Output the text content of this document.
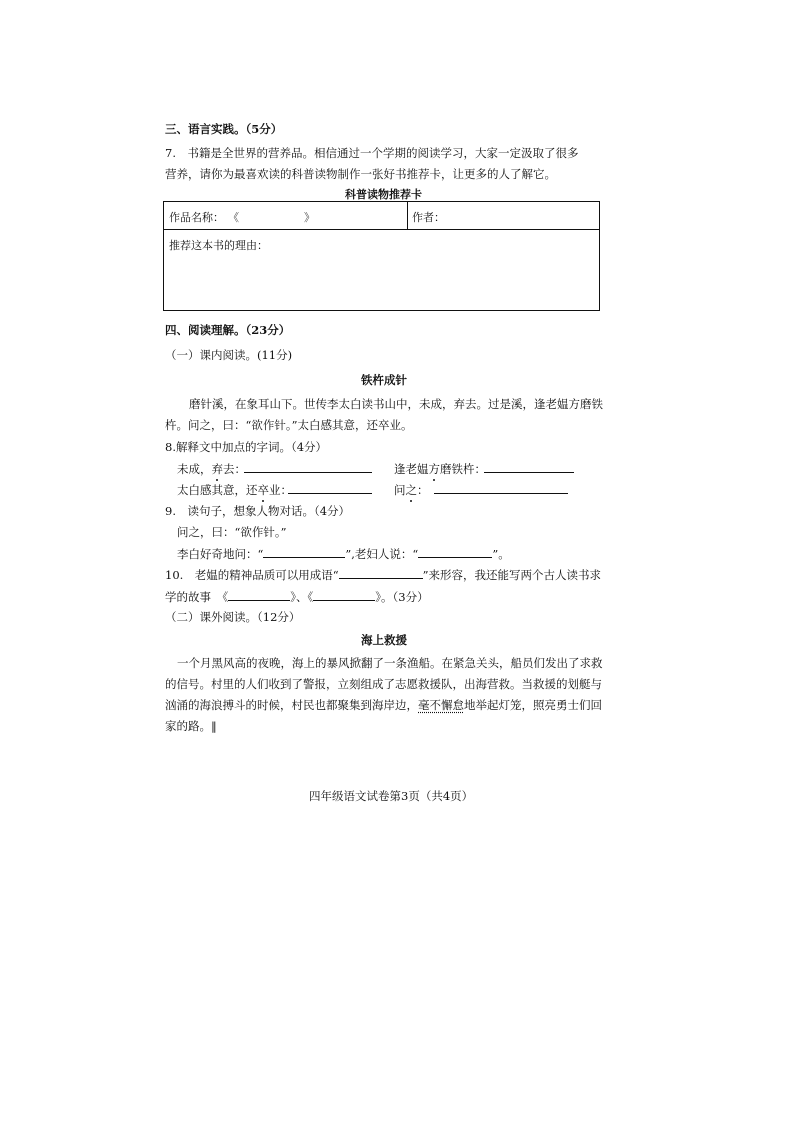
三、语言实践。（5分）
7.　书籍是全世界的营养品。相信通过一个学期的阅读学习，大家一定汲取了很多
营养，请你为最喜欢读的科普读物制作一张好书推荐卡，让更多的人了解它。
科普读物推荐卡
作品名称： 《	》	作者：
推荐这本书的理由：
四、阅读理解。（23分）
（一）课内阅读。(11分)
铁杵成针
磨针溪，在象耳山下。世传李太白读书山中，未成，弃去。过是溪，逢老媪方磨铁
杵。问之，曰：“欲作针。”太白感其意，还卒业。
8.解释文中加点的字词。（4分）
未成，弃去：	逢老媪方磨铁杵：
太白感其意，还卒业：	问之：
9.　读句子，想象人物对话。（4分）
问之，曰：“欲作针。”
李白好奇地问：“	”,老妇人说：“	”。
10.　老媪的精神品质可以用成语“	”来形容，我还能写两个古人读书求
学的故事　《	》、《	》。（3分）
（二）课外阅读。（12分）
海上救援
一个月黑风高的夜晚，海上的暴风掀翻了一条渔船。在紧急关头，船员们发出了求救
的信号。村里的人们收到了警报，立刻组成了志愿救援队，出海营救。当救援的划艇与
汹涌的海浪搏斗的时候，村民也都聚集到海岸边，毫不懈怠地举起灯笼，照亮勇士们回
家的路。‖
四年级语文试卷第3页（共4页）
